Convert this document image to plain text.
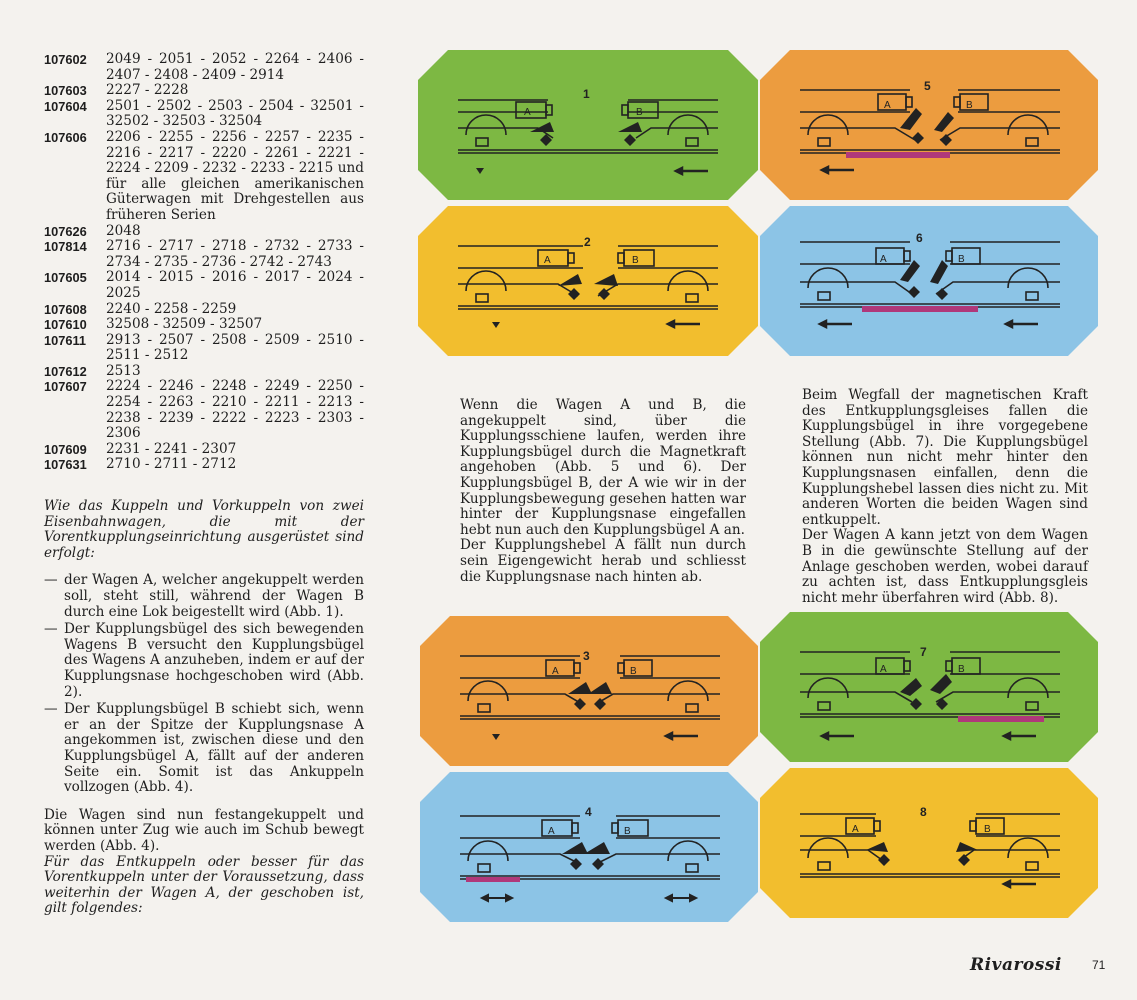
107602	2049 - 2051 - 2052 - 2264 - 2406 - 2407 - 2408 - 2409 - 2914
107603	2227 - 2228
107604	2501 - 2502 - 2503 - 2504 - 32501 - 32502 - 32503 - 32504
107606	2206 - 2255 - 2256 - 2257 - 2235 - 2216 - 2217 - 2220 - 2261 - 2221 - 2224 - 2209 - 2232 - 2233 - 2215 und für alle gleichen amerikanischen Güterwagen mit Drehgestellen aus früheren Serien
107626	2048
107814	2716 - 2717 - 2718 - 2732 - 2733 - 2734 - 2735 - 2736 - 2742 - 2743
107605	2014 - 2015 - 2016 - 2017 - 2024 - 2025
107608	2240 - 2258 - 2259
107610	32508 - 32509 - 32507
107611	2913 - 2507 - 2508 - 2509 - 2510 - 2511 - 2512
107612	2513
107607	2224 - 2246 - 2248 - 2249 - 2250 - 2254 - 2263 - 2210 - 2211 - 2213 - 2238 - 2239 - 2222 - 2223 - 2303 - 2306
107609	2231 - 2241 - 2307
107631	2710 - 2711 - 2712
Wie das Kuppeln und Vorkuppeln von zwei Eisenbahnwagen, die mit der Vorentkupplungseinrichtung ausgerüstet sind erfolgt:
— der Wagen A, welcher angekuppelt werden soll, steht still, während der Wagen B durch eine Lok beigestellt wird (Abb. 1).
— Der Kupplungsbügel des sich bewegenden Wagens B versucht den Kupplungsbügel des Wagens A anzuheben, indem er auf der Kupplungsnase hochgeschoben wird (Abb. 2).
— Der Kupplungsbügel B schiebt sich, wenn er an der Spitze der Kupplungsnase A angekommen ist, zwischen diese und den Kupplungsbügel A, fällt auf der anderen Seite ein. Somit ist das Ankuppeln vollzogen (Abb. 4).
Die Wagen sind nun festangekuppelt und können unter Zug wie auch im Schub bewegt werden (Abb. 4).
Für das Entkuppeln oder besser für das Vorentkuppeln unter der Voraussetzung, dass weiterhin der Wagen A, der geschoben ist, gilt folgendes:
1
A	B
2
A	B
3
A	B
4
A	B
5
A	B
6
A	B
7
A	B
8
A	B
Wenn die Wagen A und B, die angekuppelt sind, über die Kupplungsschiene laufen, werden ihre Kupplungsbügel durch die Magnetkraft angehoben (Abb. 5 und 6). Der Kupplungsbügel B, der A wie wir in der Kupplungsbewegung gesehen hatten war hinter der Kupplungsnase eingefallen hebt nun auch den Kupplungsbügel A an.
Der Kupplungshebel A fällt nun durch sein Eigengewicht herab und schliesst die Kupplungsnase nach hinten ab.
Beim Wegfall der magnetischen Kraft des Entkupplungsgleises fallen die Kupplungsbügel in ihre vorgegebene Stellung (Abb. 7). Die Kupplungsbügel können nun nicht mehr hinter den Kupplungsnasen einfallen, denn die Kupplungshebel lassen dies nicht zu. Mit anderen Worten die beiden Wagen sind entkuppelt.
Der Wagen A kann jetzt von dem Wagen B in die gewünschte Stellung auf der Anlage geschoben werden, wobei darauf zu achten ist, dass Entkupplungsgleis nicht mehr überfahren wird (Abb. 8).
Rivarossi	71
